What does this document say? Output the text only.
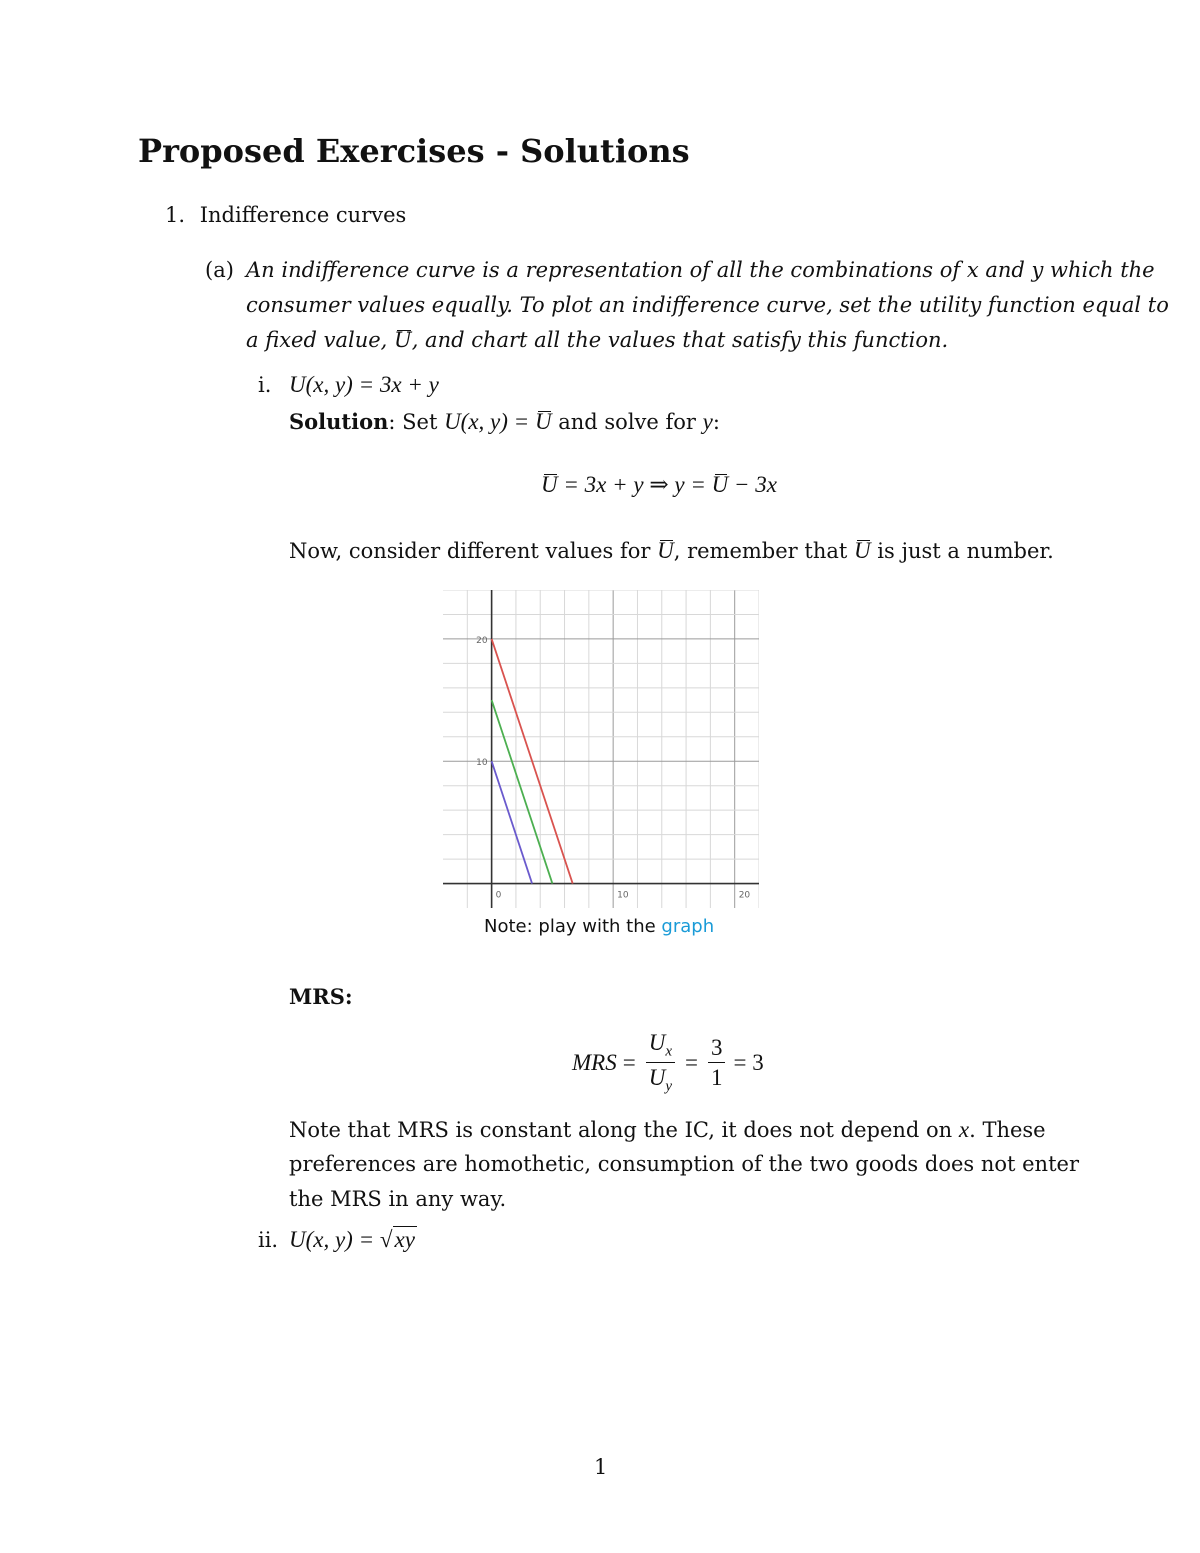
Proposed Exercises - Solutions
1. Indifference curves
(a) An indifference curve is a representation of all the combinations of x and y which the
consumer values equally. To plot an indifference curve, set the utility function equal to
a fixed value, U, and chart all the values that satisfy this function.
i. U(x, y) = 3x + y
Solution: Set U(x, y) = U and solve for y:
U = 3x + y ⇒ y = U − 3x
Now, consider different values for U, remember that U is just a number.
0	10	20
10
20
Note: play with the graph
MRS:
MRS = $\frac{U_x}{U_y} = \frac{3}{1} = 3$
Note that MRS is constant along the IC, it does not depend on x. These
preferences are homothetic, consumption of the two goods does not enter
the MRS in any way.
ii. U(x, y) = √xy
1
